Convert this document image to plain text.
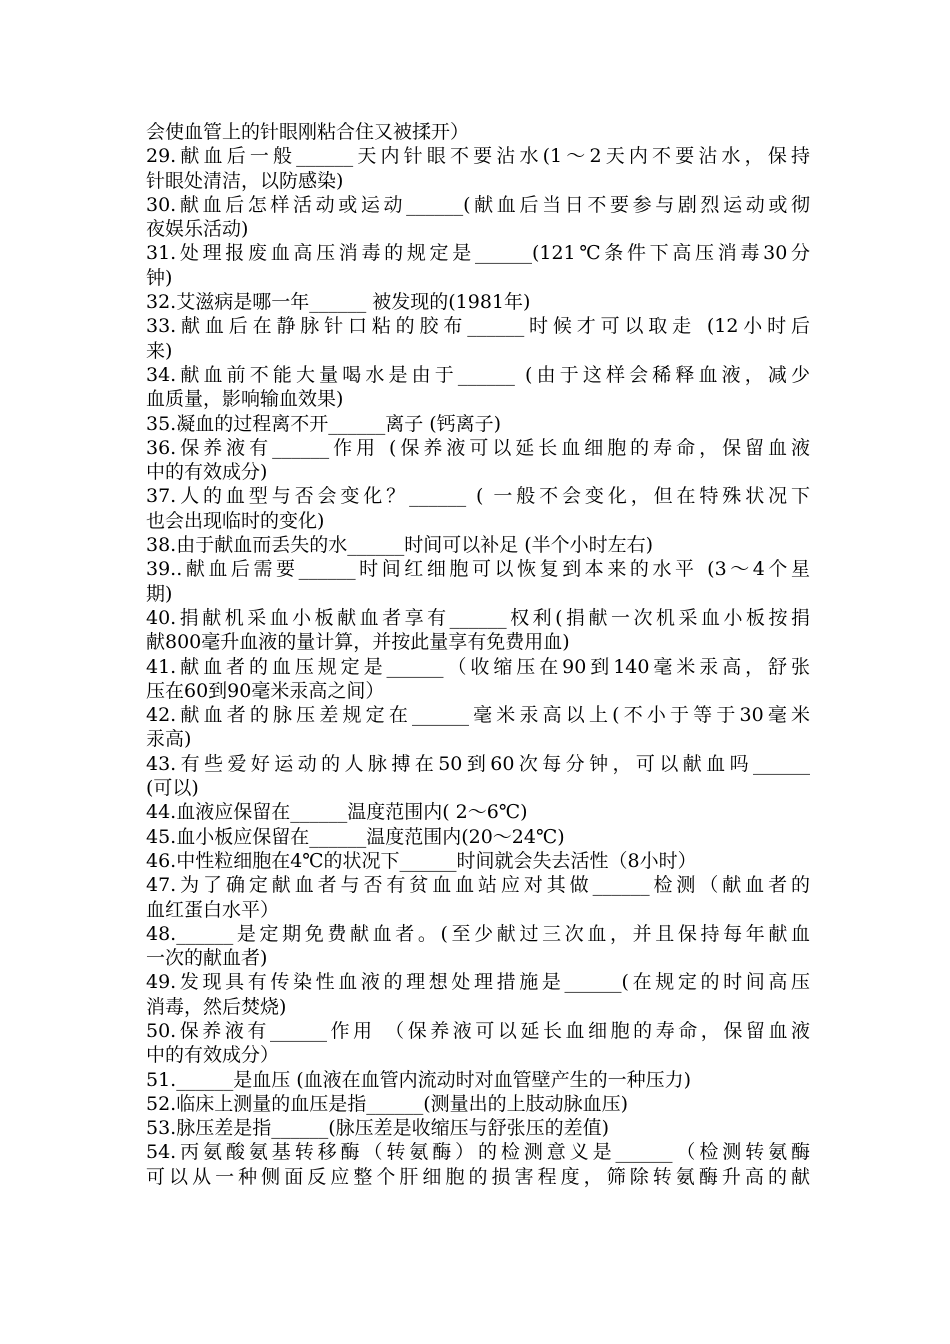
会使血管上的针眼刚粘合住又被揉开）
29.献血后一般______天内针眼不要沾水(1～2天内不要沾水，保持
针眼处清洁，以防感染)
30.献血后怎样活动或运动______(献血后当日不要参与剧烈运动或彻
夜娱乐活动)
31.处理报废血高压消毒的规定是______(121℃条件下高压消毒30分
钟)
32.艾滋病是哪一年______ 被发现的(1981年)
33.献血后在静脉针口粘的胶布______时候才可以取走 (12小时后
来)
34.献血前不能大量喝水是由于______ (由于这样会稀释血液，减少
血质量，影响输血效果)
35.凝血的过程离不开______离子 (钙离子)
36.保养液有______作用 (保养液可以延长血细胞的寿命，保留血液
中的有效成分)
37.人的血型与否会变化？______ ( 一般不会变化，但在特殊状况下
也会出现临时的变化)
38.由于献血而丢失的水______时间可以补足 (半个小时左右)
39..献血后需要______时间红细胞可以恢复到本来的水平 (3～4个星
期)
40.捐献机采血小板献血者享有______权利(捐献一次机采血小板按捐
献800毫升血液的量计算，并按此量享有免费用血)
41.献血者的血压规定是______（收缩压在90到140毫米汞高，舒张
压在60到90毫米汞高之间）
42.献血者的脉压差规定在______毫米汞高以上(不小于等于30毫米
汞高)
43.有些爱好运动的人脉搏在50到60次每分钟，可以献血吗______
(可以)
44.血液应保留在______温度范围内( 2～6℃)
45.血小板应保留在______温度范围内(20～24℃)
46.中性粒细胞在4℃的状况下______时间就会失去活性（8小时）
47.为了确定献血者与否有贫血血站应对其做______检测（献血者的
血红蛋白水平）
48.______是定期免费献血者。(至少献过三次血，并且保持每年献血
一次的献血者)
49.发现具有传染性血液的理想处理措施是______(在规定的时间高压
消毒，然后焚烧)
50.保养液有______作用 （保养液可以延长血细胞的寿命，保留血液
中的有效成分）
51.______是血压 (血液在血管内流动时对血管壁产生的一种压力)
52.临床上测量的血压是指______(测量出的上肢动脉血压)
53.脉压差是指______(脉压差是收缩压与舒张压的差值)
54.丙氨酸氨基转移酶（转氨酶）的检测意义是______（检测转氨酶
可以从一种侧面反应整个肝细胞的损害程度，筛除转氨酶升高的献
